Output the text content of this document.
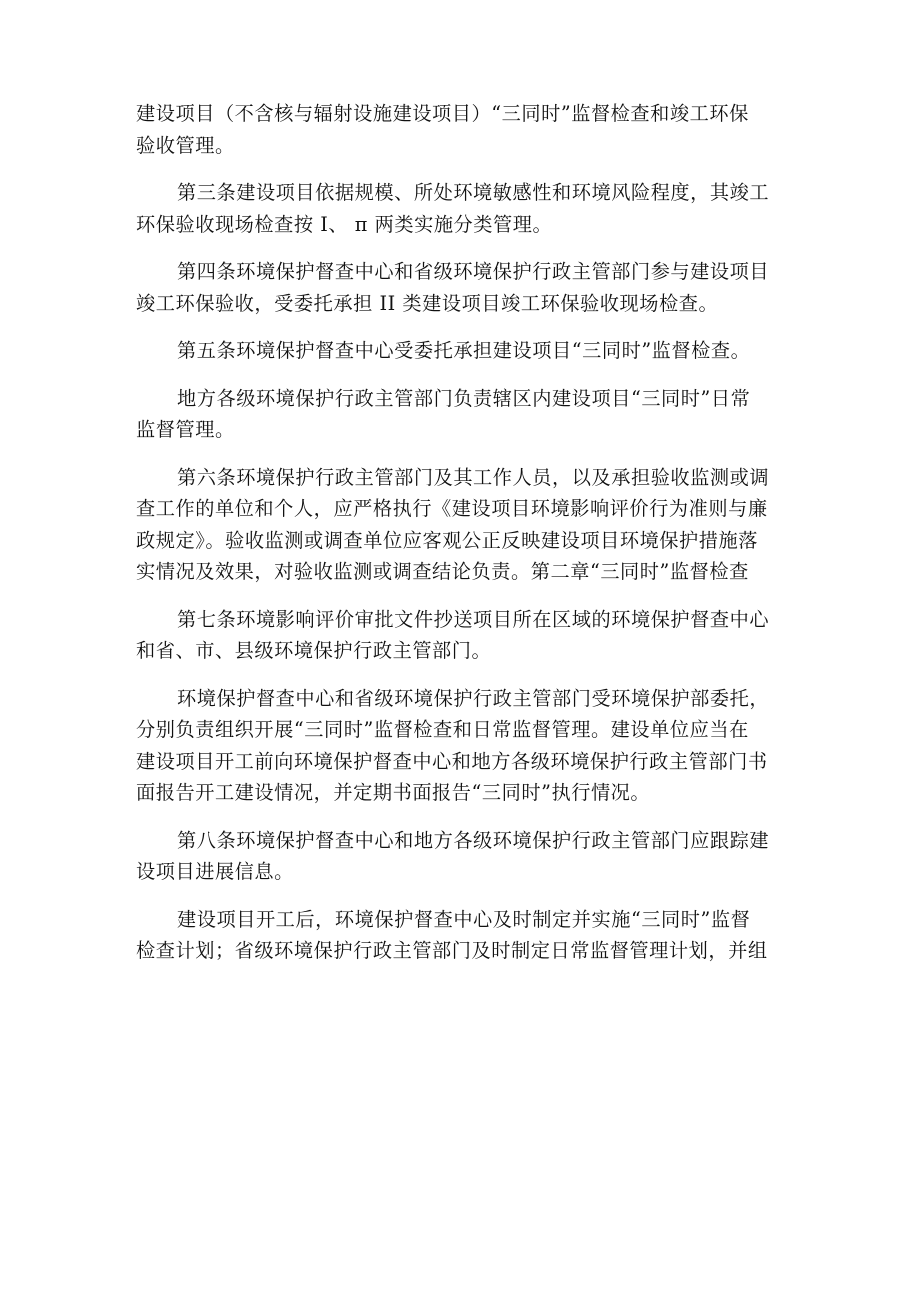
建设项目（不含核与辐射设施建设项目）“三同时”监督检查和竣工环保
验收管理。

第三条建设项目依据规模、所处环境敏感性和环境风险程度，其竣工
环保验收现场检查按 I、 π 两类实施分类管理。

第四条环境保护督查中心和省级环境保护行政主管部门参与建设项目
竣工环保验收，受委托承担 II 类建设项目竣工环保验收现场检查。

第五条环境保护督查中心受委托承担建设项目“三同时”监督检查。

地方各级环境保护行政主管部门负责辖区内建设项目“三同时”日常
监督管理。

第六条环境保护行政主管部门及其工作人员，以及承担验收监测或调
查工作的单位和个人，应严格执行《建设项目环境影响评价行为准则与廉
政规定》。验收监测或调查单位应客观公正反映建设项目环境保护措施落
实情况及效果，对验收监测或调查结论负责。第二章“三同时”监督检查

第七条环境影响评价审批文件抄送项目所在区域的环境保护督查中心
和省、市、县级环境保护行政主管部门。

环境保护督查中心和省级环境保护行政主管部门受环境保护部委托，
分别负责组织开展“三同时”监督检查和日常监督管理。建设单位应当在
建设项目开工前向环境保护督查中心和地方各级环境保护行政主管部门书
面报告开工建设情况，并定期书面报告“三同时”执行情况。

第八条环境保护督查中心和地方各级环境保护行政主管部门应跟踪建
设项目进展信息。

建设项目开工后，环境保护督查中心及时制定并实施“三同时”监督
检查计划；省级环境保护行政主管部门及时制定日常监督管理计划，并组
